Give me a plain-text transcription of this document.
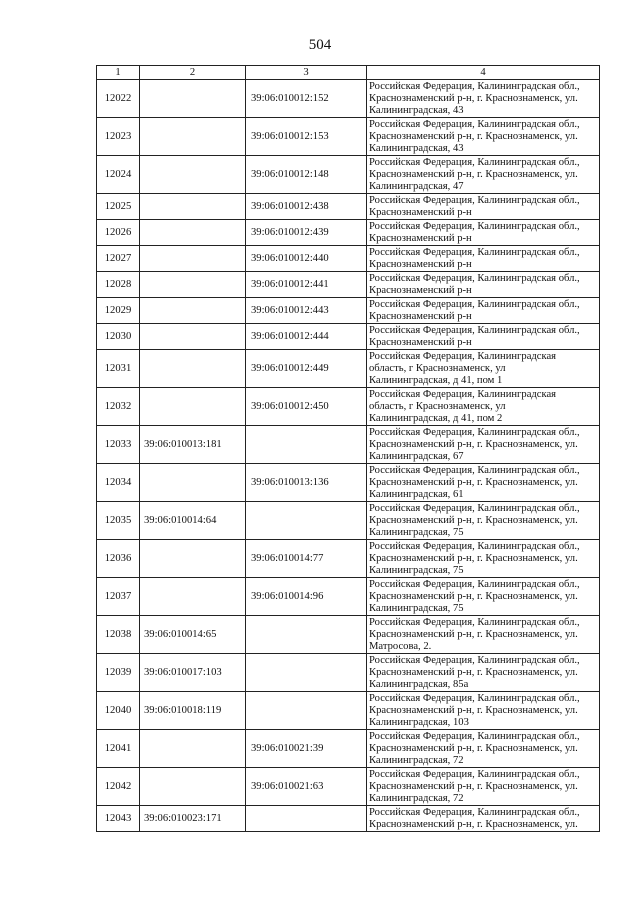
504
1	2	3	4
12022		39:06:010012:152	Российская Федерация, Калининградская обл.,
Краснознаменский р-н, г. Краснознаменск, ул.
Калининградская, 43

12023		39:06:010012:153	Российская Федерация, Калининградская обл.,
Краснознаменский р-н, г. Краснознаменск, ул.
Калининградская, 43

12024		39:06:010012:148	Российская Федерация, Калининградская обл.,
Краснознаменский р-н, г. Краснознаменск, ул.
Калининградская, 47

12025		39:06:010012:438	Российская Федерация, Калининградская обл.,
Краснознаменский р-н

12026		39:06:010012:439	Российская Федерация, Калининградская обл.,
Краснознаменский р-н

12027		39:06:010012:440	Российская Федерация, Калининградская обл.,
Краснознаменский р-н

12028		39:06:010012:441	Российская Федерация, Калининградская обл.,
Краснознаменский р-н

12029		39:06:010012:443	Российская Федерация, Калининградская обл.,
Краснознаменский р-н

12030		39:06:010012:444	Российская Федерация, Калининградская обл.,
Краснознаменский р-н

12031		39:06:010012:449	Российская Федерация, Калининградская
область, г Краснознаменск, ул
Калининградская, д 41, пом 1

12032		39:06:010012:450	Российская Федерация, Калининградская
область, г Краснознаменск, ул
Калининградская, д 41, пом 2

12033	39:06:010013:181		Российская Федерация, Калининградская обл.,
Краснознаменский р-н, г. Краснознаменск, ул.
Калининградская, 67

12034		39:06:010013:136	Российская Федерация, Калининградская обл.,
Краснознаменский р-н, г. Краснознаменск, ул.
Калининградская, 61

12035	39:06:010014:64		Российская Федерация, Калининградская обл.,
Краснознаменский р-н, г. Краснознаменск, ул.
Калининградская, 75

12036		39:06:010014:77	Российская Федерация, Калининградская обл.,
Краснознаменский р-н, г. Краснознаменск, ул.
Калининградская, 75

12037		39:06:010014:96	Российская Федерация, Калининградская обл.,
Краснознаменский р-н, г. Краснознаменск, ул.
Калининградская, 75

12038	39:06:010014:65		Российская Федерация, Калининградская обл.,
Краснознаменский р-н, г. Краснознаменск, ул.
Матросова, 2.

12039	39:06:010017:103		Российская Федерация, Калининградская обл.,
Краснознаменский р-н, г. Краснознаменск, ул.
Калининградская, 85а

12040	39:06:010018:119		Российская Федерация, Калининградская обл.,
Краснознаменский р-н, г. Краснознаменск, ул.
Калининградская, 103

12041		39:06:010021:39	Российская Федерация, Калининградская обл.,
Краснознаменский р-н, г. Краснознаменск, ул.
Калининградская, 72

12042		39:06:010021:63	Российская Федерация, Калининградская обл.,
Краснознаменский р-н, г. Краснознаменск, ул.
Калининградская, 72

12043	39:06:010023:171		Российская Федерация, Калининградская обл.,
Краснознаменский р-н, г. Краснознаменск, ул.
